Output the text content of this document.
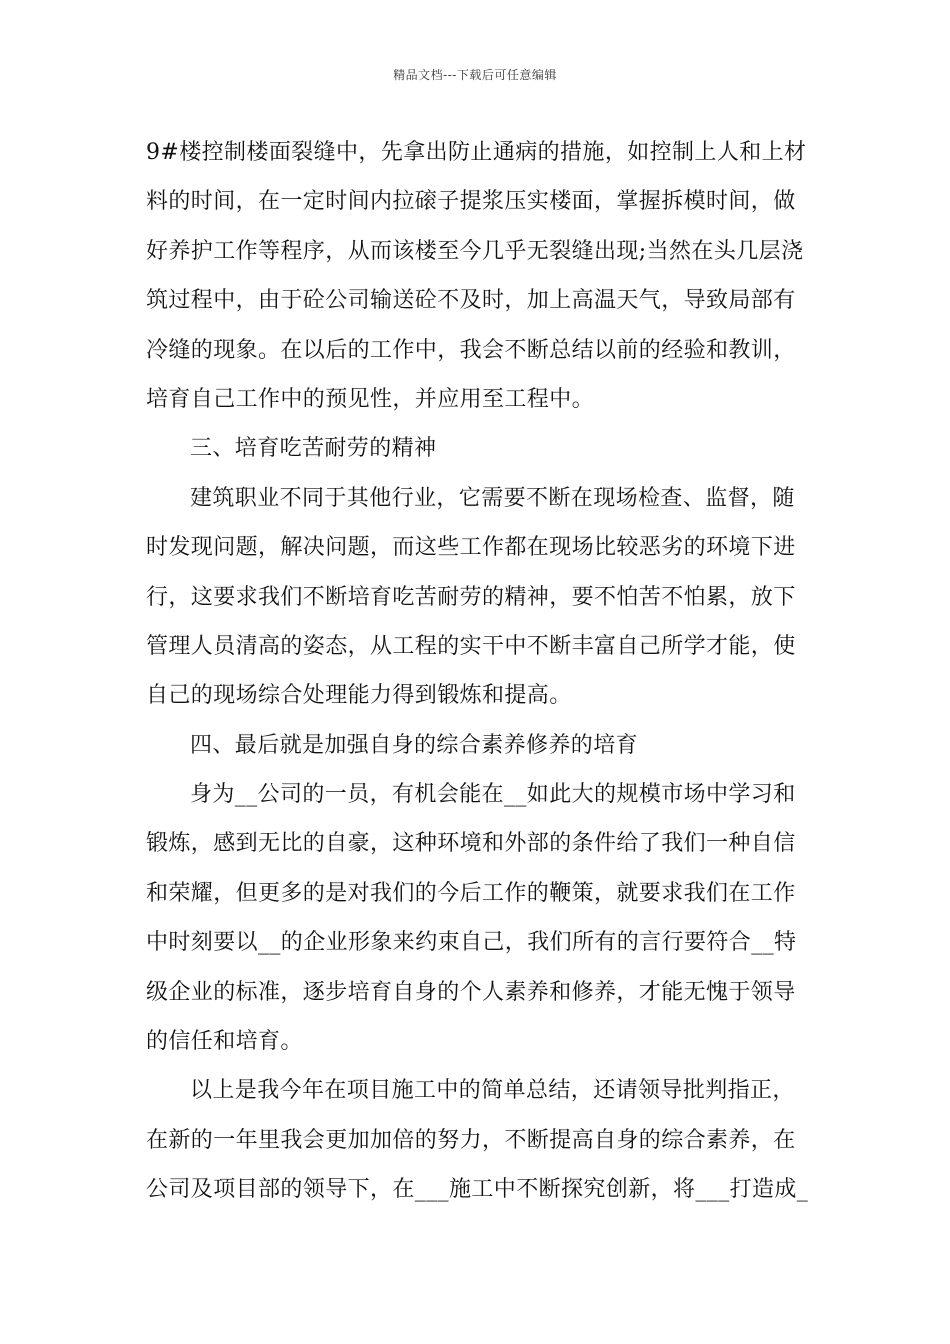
精品文档---下载后可任意编辑
9#楼控制楼面裂缝中，先拿出防止通病的措施，如控制上人和上材
料的时间，在一定时间内拉磙子提浆压实楼面，掌握拆模时间，做
好养护工作等程序，从而该楼至今几乎无裂缝出现;当然在头几层浇
筑过程中，由于砼公司输送砼不及时，加上高温天气，导致局部有
冷缝的现象。在以后的工作中，我会不断总结以前的经验和教训，
培育自己工作中的预见性，并应用至工程中。
三、培育吃苦耐劳的精神
建筑职业不同于其他行业，它需要不断在现场检查、监督，随
时发现问题，解决问题，而这些工作都在现场比较恶劣的环境下进
行，这要求我们不断培育吃苦耐劳的精神，要不怕苦不怕累，放下
管理人员清高的姿态，从工程的实干中不断丰富自己所学才能，使
自己的现场综合处理能力得到锻炼和提高。
四、最后就是加强自身的综合素养修养的培育
身为__公司的一员，有机会能在__如此大的规模市场中学习和
锻炼，感到无比的自豪，这种环境和外部的条件给了我们一种自信
和荣耀，但更多的是对我们的今后工作的鞭策，就要求我们在工作
中时刻要以__的企业形象来约束自己，我们所有的言行要符合__特
级企业的标准，逐步培育自身的个人素养和修养，才能无愧于领导
的信任和培育。
以上是我今年在项目施工中的简单总结，还请领导批判指正，
在新的一年里我会更加加倍的努力，不断提高自身的综合素养，在
公司及项目部的领导下，在___施工中不断探究创新，将___打造成_
